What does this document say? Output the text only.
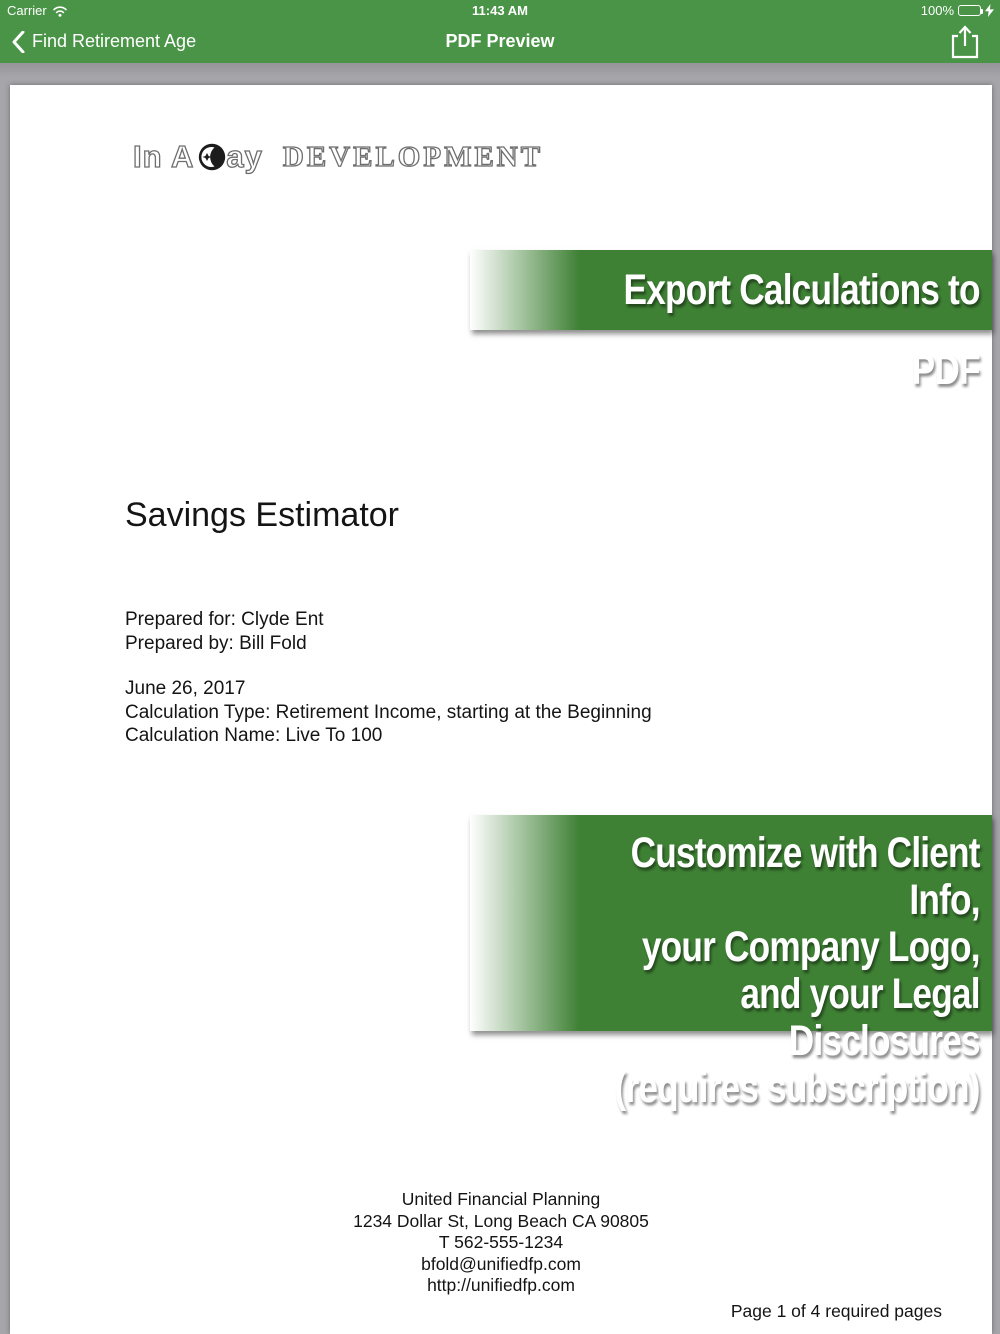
Carrier	11:43 AM	100%
Find Retirement Age	PDF Preview
In A ay DEVELOPMENT
Export Calculations to PDF
Savings Estimator
Prepared for: Clyde Ent
Prepared by: Bill Fold
June 26, 2017
Calculation Type: Retirement Income, starting at the Beginning
Calculation Name: Live To 100
Customize with Client Info,
your Company Logo,
and your Legal Disclosures
(requires subscription)
United Financial Planning
1234 Dollar St, Long Beach CA 90805
T 562-555-1234
bfold@unifiedfp.com
http://unifiedfp.com
Page 1 of 4 required pages
